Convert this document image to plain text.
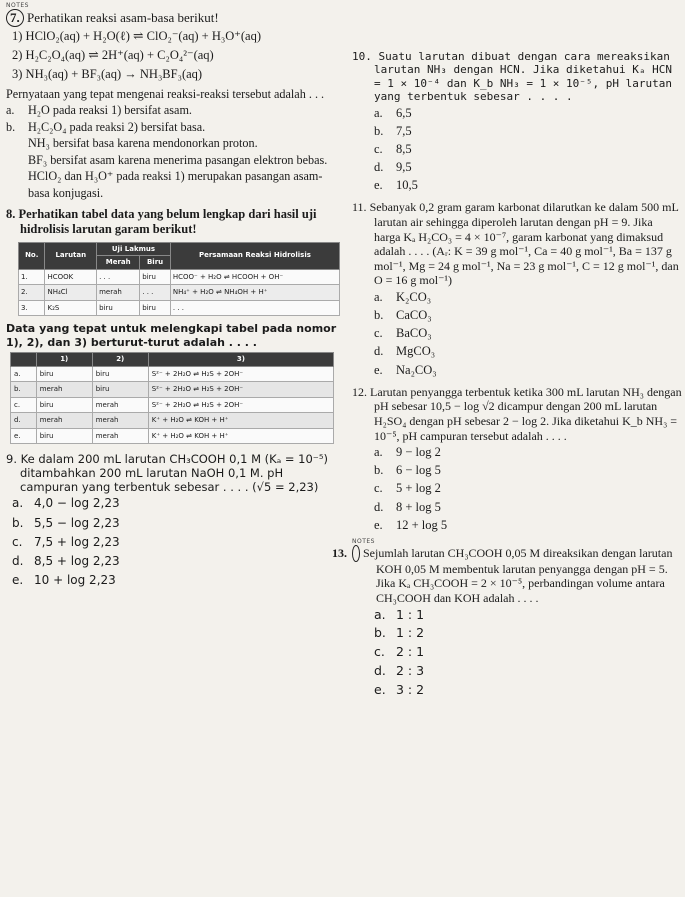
NOTES

7. Perhatikan reaksi asam-basa berikut!

1) HClO₂(aq) + H₂O(ℓ) ⇌ ClO₂⁻(aq) + H₃O⁺(aq)

2) H₂C₂O₄(aq) ⇌ 2H⁺(aq) + C₂O₄²⁻(aq)

3) NH₃(aq) + BF₃(aq) → NH₃BF₃(aq)

Pernyataan yang tepat mengenai reaksi-reaksi tersebut adalah . . .

a. H₂O pada reaksi 1) bersifat asam.

b. H₂C₂O₄ pada reaksi 2) bersifat basa.

NH₃ bersifat basa karena mendonorkan proton.

BF₃ bersifat asam karena menerima pasangan elektron bebas.

HClO₂ dan H₃O⁺ pada reaksi 1) merupakan pasangan asam-basa konjugasi.

8. Perhatikan tabel data yang belum lengkap dari hasil uji hidrolisis larutan garam berikut!

No.	Larutan	Uji Lakmus		Persamaan Reaksi Hidrolisis
		Merah	Biru	
1.	HCOOK	. . .	biru	HCOO⁻ + H₂O ⇌ HCOOH + OH⁻
2.	NH₄Cl	merah	. . .	NH₄⁺ + H₂O ⇌ NH₄OH + H⁺
3.	K₂S	biru	biru	. . .

Data yang tepat untuk melengkapi tabel pada nomor 1), 2), dan 3) berturut-turut adalah . . . .

	1)	2)	3)
a.	biru	biru	S²⁻ + 2H₂O ⇌ H₂S + 2OH⁻
b.	merah	biru	S²⁻ + 2H₂O ⇌ H₂S + 2OH⁻
c.	biru	merah	S²⁻ + 2H₂O ⇌ H₂S + 2OH⁻
d.	merah	merah	K⁺ + H₂O ⇌ KOH + H⁺
e.	biru	merah	K⁺ + H₂O ⇌ KOH + H⁺

9. Ke dalam 200 mL larutan CH₃COOH 0,1 M (Kₐ = 10⁻⁵) ditambahkan 200 mL larutan NaOH 0,1 M. pH campuran yang terbentuk sebesar . . . . (√5 = 2,23)

a. 4,0 − log 2,23

b. 5,5 − log 2,23

c. 7,5 + log 2,23

d. 8,5 + log 2,23

e. 10 + log 2,23

10. Suatu larutan dibuat dengan cara mereaksikan larutan NH₃ dengan HCN. Jika diketahui Kₐ HCN = 1 × 10⁻⁴ dan K_b NH₃ = 1 × 10⁻⁵, pH larutan yang terbentuk sebesar . . . .

a. 6,5

b. 7,5

c. 8,5

d. 9,5

e. 10,5

11. Sebanyak 0,2 gram garam karbonat dilarutkan ke dalam 500 mL larutan air sehingga diperoleh larutan dengan pH = 9. Jika harga Kₐ H₂CO₃ = 4 × 10⁻⁷, garam karbonat yang dimaksud adalah . . . . (Aᵣ: K = 39 g mol⁻¹, Ca = 40 g mol⁻¹, Ba = 137 g mol⁻¹, Mg = 24 g mol⁻¹, Na = 23 g mol⁻¹, C = 12 g mol⁻¹, dan O = 16 g mol⁻¹)

a. K₂CO₃

b. CaCO₃

c. BaCO₃

d. MgCO₃

e. Na₂CO₃

12. Larutan penyangga terbentuk ketika 300 mL larutan NH₃ dengan pH sebesar 10,5 − log √2 dicampur dengan 200 mL larutan H₂SO₄ dengan pH sebesar 2 − log 2. Jika diketahui K_b NH₃ = 10⁻⁵, pH campuran tersebut adalah . . . .

a. 9 − log 2

b. 6 − log 5

c. 5 + log 2

d. 8 + log 5

e. 12 + log 5

NOTES

13. Sejumlah larutan CH₃COOH 0,05 M direaksikan dengan larutan KOH 0,05 M membentuk larutan penyangga dengan pH = 5. Jika Kₐ CH₃COOH = 2 × 10⁻⁵, perbandingan volume antara CH₃COOH dan KOH adalah . . . .

a. 1 : 1

b. 1 : 2

c. 2 : 1

d. 2 : 3

e. 3 : 2
